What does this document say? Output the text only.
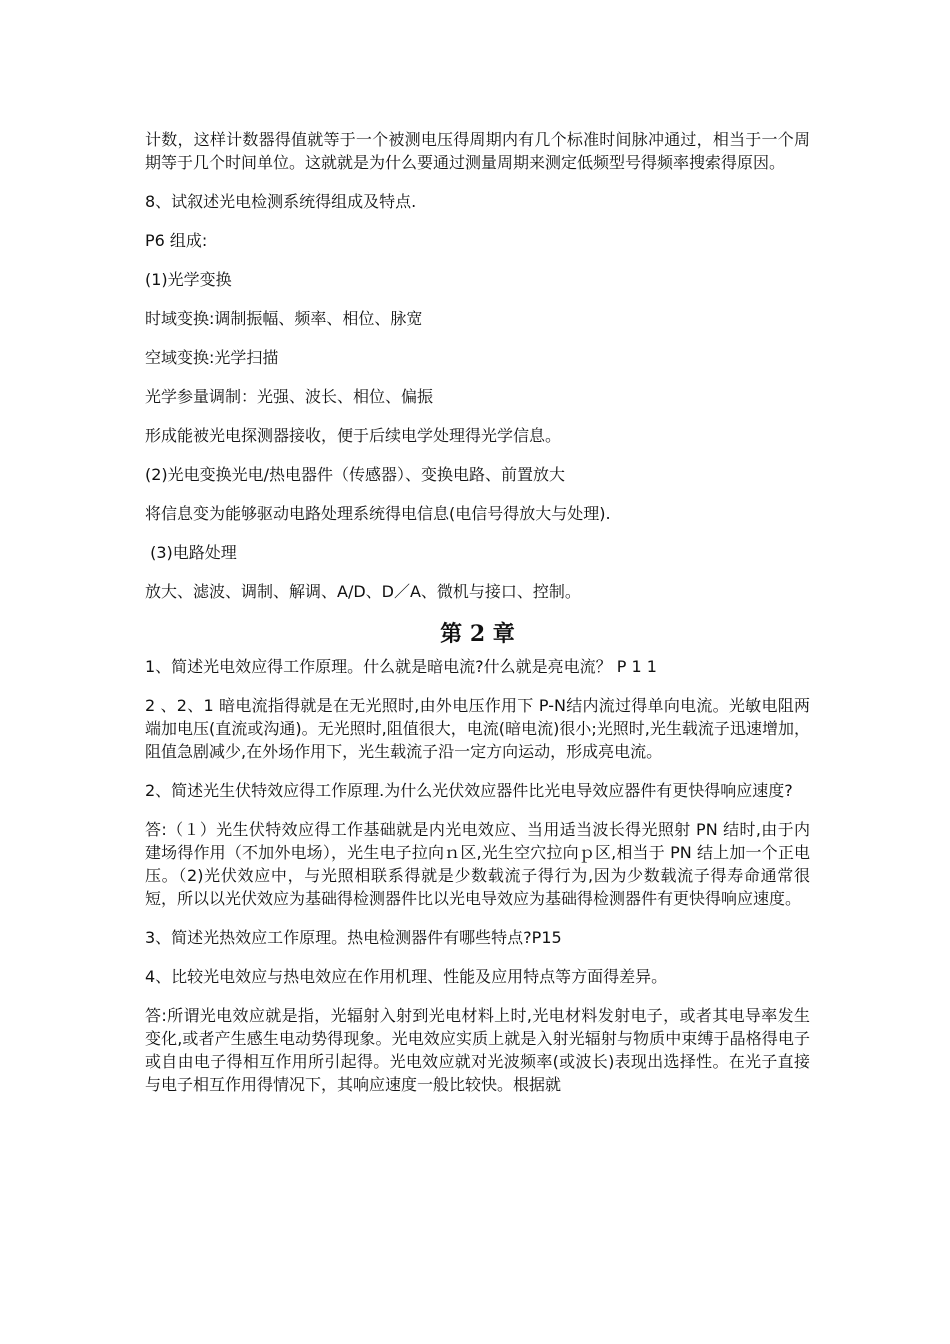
计数，这样计数器得值就等于一个被测电压得周期内有几个标准时间脉冲通过，相当于一个周期等于几个时间单位。这就就是为什么要通过测量周期来测定低频型号得频率搜索得原因。

8、试叙述光电检测系统得组成及特点.

P6 组成:

(1)光学变换

时域变换:调制振幅、频率、相位、脉宽

空域变换:光学扫描

光学参量调制：光强、波长、相位、偏振

形成能被光电探测器接收，便于后续电学处理得光学信息。

(2)光电变换光电/热电器件（传感器）、变换电路、前置放大

将信息变为能够驱动电路处理系统得电信息(电信号得放大与处理).

(3)电路处理

放大、滤波、调制、解调、A/D、D／A、微机与接口、控制。

第 2 章

1、简述光电效应得工作原理。什么就是暗电流?什么就是亮电流？ P 1 1

2 、2、1 暗电流指得就是在无光照时,由外电压作用下 P-N结内流过得单向电流。光敏电阻两端加电压(直流或沟通)。无光照时,阻值很大，电流(暗电流)很小;光照时,光生载流子迅速增加，阻值急剧减少,在外场作用下，光生载流子沿一定方向运动，形成亮电流。

2、简述光生伏特效应得工作原理.为什么光伏效应器件比光电导效应器件有更快得响应速度?

答:（１）光生伏特效应得工作基础就是内光电效应、当用适当波长得光照射 PN 结时,由于内建场得作用（不加外电场），光生电子拉向ｎ区,光生空穴拉向ｐ区,相当于 PN 结上加一个正电压。（2)光伏效应中，与光照相联系得就是少数载流子得行为,因为少数载流子得寿命通常很短，所以以光伏效应为基础得检测器件比以光电导效应为基础得检测器件有更快得响应速度。

3、简述光热效应工作原理。热电检测器件有哪些特点?P15

4、比较光电效应与热电效应在作用机理、性能及应用特点等方面得差异。

答:所谓光电效应就是指，光辐射入射到光电材料上时,光电材料发射电子，或者其电导率发生变化,或者产生感生电动势得现象。光电效应实质上就是入射光辐射与物质中束缚于晶格得电子或自由电子得相互作用所引起得。光电效应就对光波频率(或波长)表现出选择性。在光子直接与电子相互作用得情况下，其响应速度一般比较快。根据就
